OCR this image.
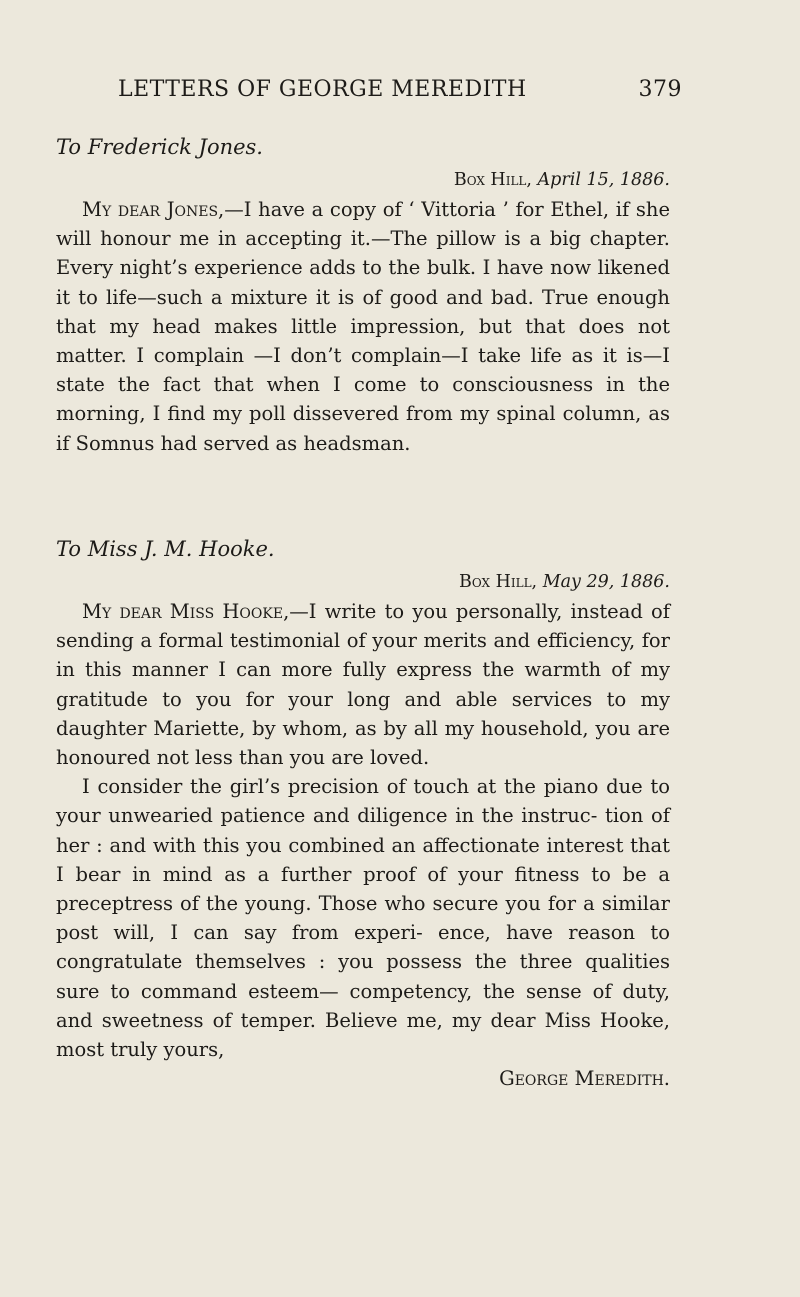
LETTERS OF GEORGE MEREDITH	379

To Frederick Jones.

Box Hill, April 15, 1886.

My dear Jones,—I have a copy of ‘ Vittoria ’ for Ethel, if she will honour me in accepting it.—The pillow is a big chapter. Every night’s experience adds to the bulk. I have now likened it to life—such a mixture it is of good and bad. True enough that my head makes little impression, but that does not matter. I complain —I don’t complain—I take life as it is—I state the fact that when I come to consciousness in the morning, I find my poll dissevered from my spinal column, as if Somnus had served as headsman.

To Miss J. M. Hooke.

Box Hill, May 29, 1886.

My dear Miss Hooke,—I write to you personally, instead of sending a formal testimonial of your merits and efficiency, for in this manner I can more fully express the warmth of my gratitude to you for your long and able services to my daughter Mariette, by whom, as by all my household, you are honoured not less than you are loved.

I consider the girl’s precision of touch at the piano due to your unwearied patience and diligence in the instruc- tion of her : and with this you combined an affectionate interest that I bear in mind as a further proof of your fitness to be a preceptress of the young. Those who secure you for a similar post will, I can say from experi- ence, have reason to congratulate themselves : you possess the three qualities sure to command esteem— competency, the sense of duty, and sweetness of temper. Believe me, my dear Miss Hooke, most truly yours,

George Meredith.
